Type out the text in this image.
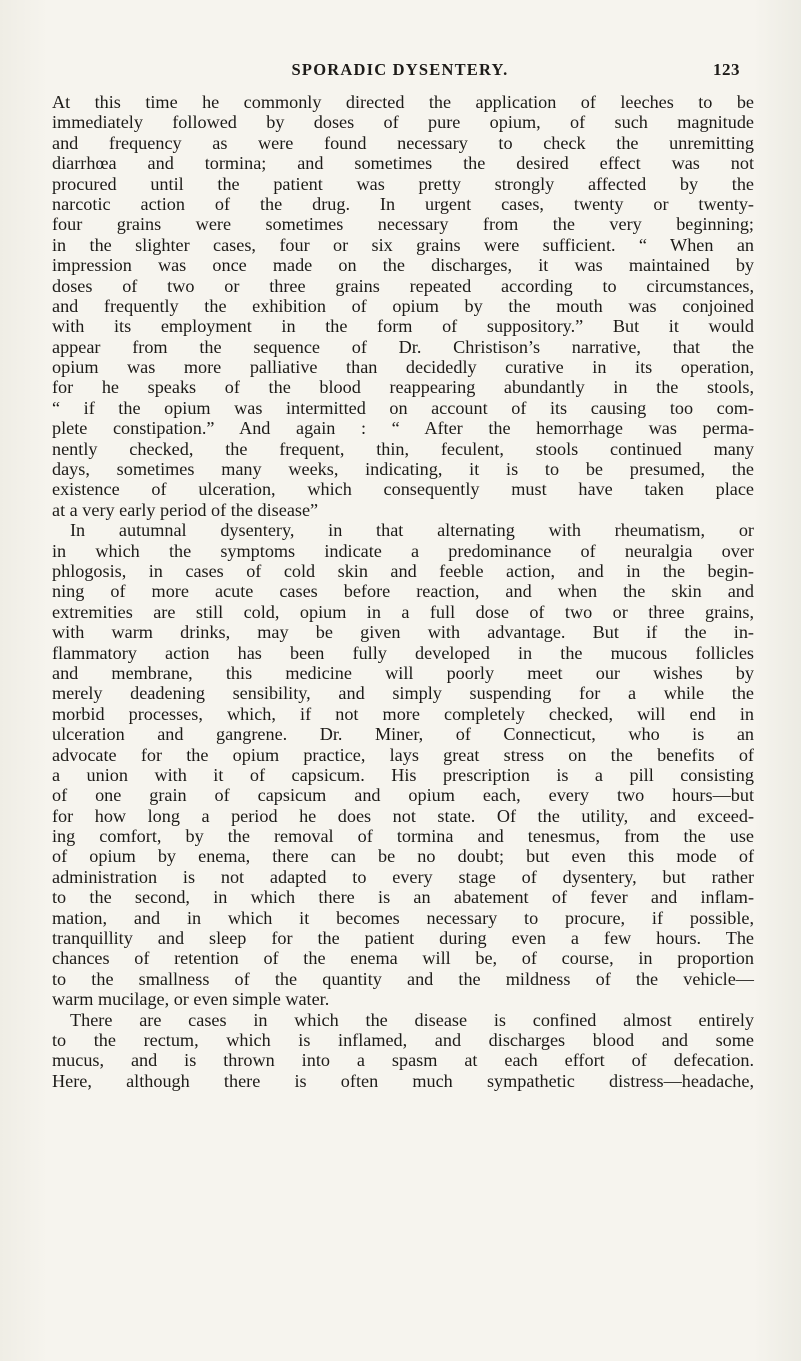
SPORADIC DYSENTERY.	123
At this time he commonly directed the application of leeches to be
immediately followed by doses of pure opium, of such magnitude
and frequency as were found necessary to check the unremitting
diarrhœa and tormina; and sometimes the desired effect was not
procured until the patient was pretty strongly affected by the
narcotic action of the drug. In urgent cases, twenty or twenty-
four grains were sometimes necessary from the very beginning;
in the slighter cases, four or six grains were sufficient. “ When an
impression was once made on the discharges, it was maintained by
doses of two or three grains repeated according to circumstances,
and frequently the exhibition of opium by the mouth was conjoined
with its employment in the form of suppository.” But it would
appear from the sequence of Dr. Christison’s narrative, that the
opium was more palliative than decidedly curative in its operation,
for he speaks of the blood reappearing abundantly in the stools,
“ if the opium was intermitted on account of its causing too com-
plete constipation.” And again : “ After the hemorrhage was perma-
nently checked, the frequent, thin, feculent, stools continued many
days, sometimes many weeks, indicating, it is to be presumed, the
existence of ulceration, which consequently must have taken place
at a very early period of the disease”
In autumnal dysentery, in that alternating with rheumatism, or
in which the symptoms indicate a predominance of neuralgia over
phlogosis, in cases of cold skin and feeble action, and in the begin-
ning of more acute cases before reaction, and when the skin and
extremities are still cold, opium in a full dose of two or three grains,
with warm drinks, may be given with advantage. But if the in-
flammatory action has been fully developed in the mucous follicles
and membrane, this medicine will poorly meet our wishes by
merely deadening sensibility, and simply suspending for a while the
morbid processes, which, if not more completely checked, will end in
ulceration and gangrene. Dr. Miner, of Connecticut, who is an
advocate for the opium practice, lays great stress on the benefits of
a union with it of capsicum. His prescription is a pill consisting
of one grain of capsicum and opium each, every two hours—but
for how long a period he does not state. Of the utility, and exceed-
ing comfort, by the removal of tormina and tenesmus, from the use
of opium by enema, there can be no doubt; but even this mode of
administration is not adapted to every stage of dysentery, but rather
to the second, in which there is an abatement of fever and inflam-
mation, and in which it becomes necessary to procure, if possible,
tranquillity and sleep for the patient during even a few hours. The
chances of retention of the enema will be, of course, in proportion
to the smallness of the quantity and the mildness of the vehicle—
warm mucilage, or even simple water.
There are cases in which the disease is confined almost entirely
to the rectum, which is inflamed, and discharges blood and some
mucus, and is thrown into a spasm at each effort of defecation.
Here, although there is often much sympathetic distress—headache,
